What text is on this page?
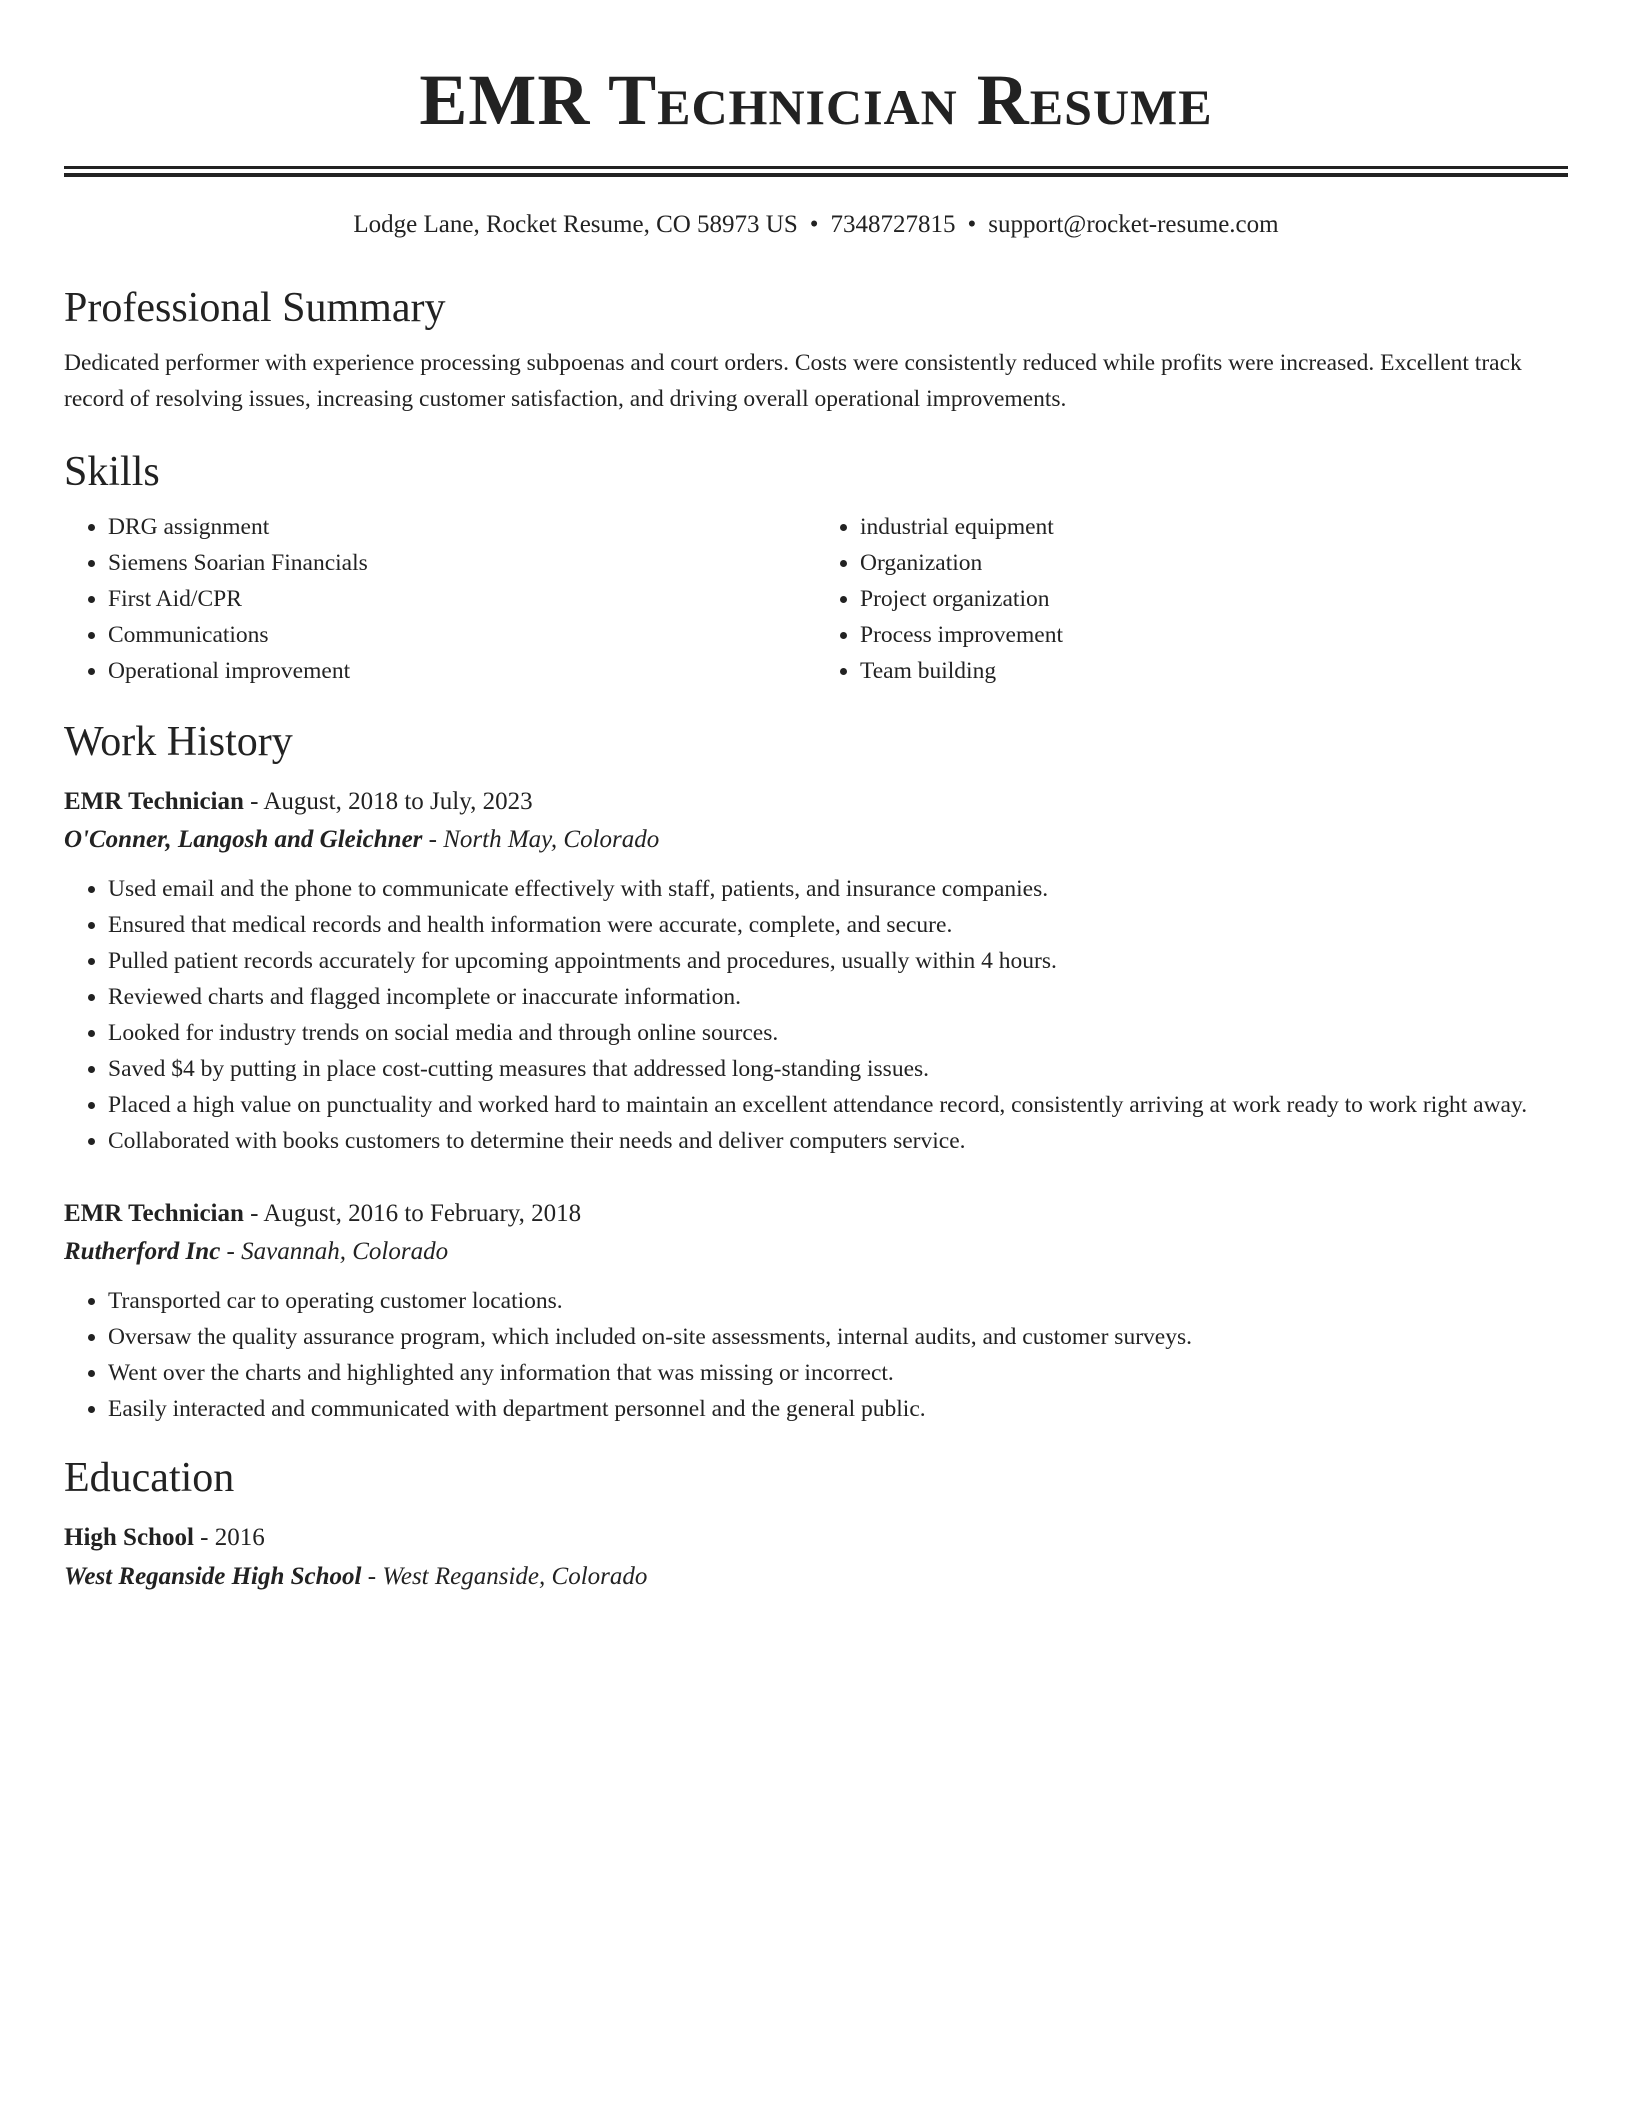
EMR Technician Resume
Lodge Lane, Rocket Resume, CO 58973 US • 7348727815 • support@rocket-resume.com
Professional Summary

Dedicated performer with experience processing subpoenas and court orders. Costs were consistently reduced while profits were increased. Excellent track record of resolving issues, increasing customer satisfaction, and driving overall operational improvements.

Skills
• DRG assignment
• Siemens Soarian Financials
• First Aid/CPR
• Communications
• Operational improvement
• industrial equipment
• Organization
• Project organization
• Process improvement
• Team building
Work History
EMR Technician - August, 2018 to July, 2023
O'Conner, Langosh and Gleichner - North May, Colorado
• Used email and the phone to communicate effectively with staff, patients, and insurance companies.
• Ensured that medical records and health information were accurate, complete, and secure.
• Pulled patient records accurately for upcoming appointments and procedures, usually within 4 hours.
• Reviewed charts and flagged incomplete or inaccurate information.
• Looked for industry trends on social media and through online sources.
• Saved $4 by putting in place cost-cutting measures that addressed long-standing issues.
• Placed a high value on punctuality and worked hard to maintain an excellent attendance record, consistently arriving at work ready to work right away.
• Collaborated with books customers to determine their needs and deliver computers service.
EMR Technician - August, 2016 to February, 2018
Rutherford Inc - Savannah, Colorado
• Transported car to operating customer locations.
• Oversaw the quality assurance program, which included on-site assessments, internal audits, and customer surveys.
• Went over the charts and highlighted any information that was missing or incorrect.
• Easily interacted and communicated with department personnel and the general public.
Education
High School - 2016
West Reganside High School - West Reganside, Colorado
